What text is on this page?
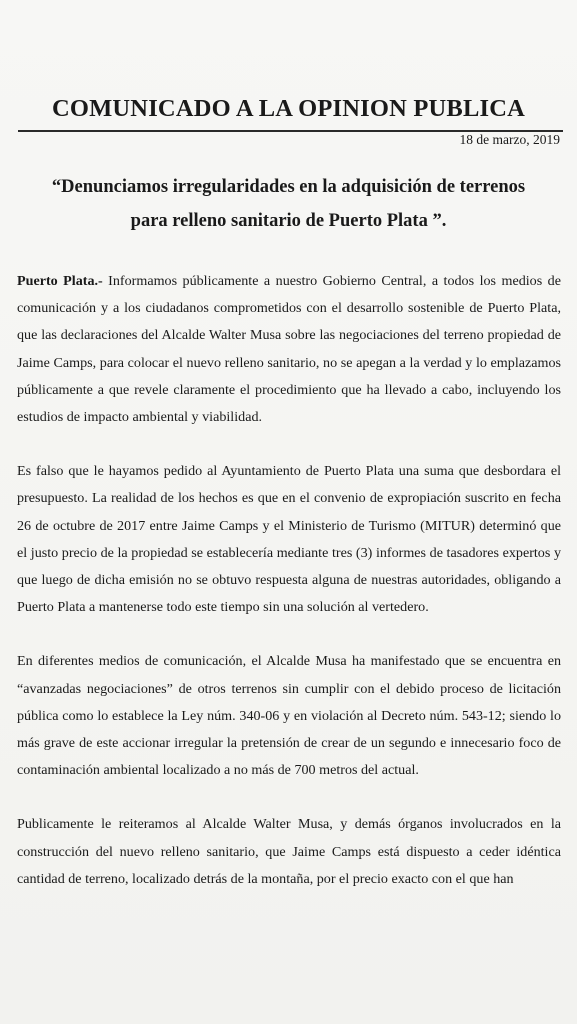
COMUNICADO A LA OPINION PUBLICA

18 de marzo, 2019

“Denunciamos irregularidades en la adquisición de terrenos
para relleno sanitario de Puerto Plata ”.

Puerto Plata.- Informamos públicamente a nuestro Gobierno Central, a todos los medios de comunicación y a los ciudadanos comprometidos con el desarrollo sostenible de Puerto Plata, que las declaraciones del Alcalde Walter Musa sobre las negociaciones del terreno propiedad de Jaime Camps, para colocar el nuevo relleno sanitario, no se apegan a la verdad y lo emplazamos públicamente a que revele claramente el procedimiento que ha llevado a cabo, incluyendo los estudios de impacto ambiental y viabilidad.

Es falso que le hayamos pedido al Ayuntamiento de Puerto Plata una suma que desbordara el presupuesto. La realidad de los hechos es que en el convenio de expropiación suscrito en fecha 26 de octubre de 2017 entre Jaime Camps y el Ministerio de Turismo (MITUR) determinó que el justo precio de la propiedad se establecería mediante tres (3) informes de tasadores expertos y que luego de dicha emisión no se obtuvo respuesta alguna de nuestras autoridades, obligando a Puerto Plata a mantenerse todo este tiempo sin una solución al vertedero.

En diferentes medios de comunicación, el Alcalde Musa ha manifestado que se encuentra en “avanzadas negociaciones” de otros terrenos sin cumplir con el debido proceso de licitación pública como lo establece la Ley núm. 340-06 y en violación al Decreto núm. 543-12; siendo lo más grave de este accionar irregular la pretensión de crear de un segundo e innecesario foco de contaminación ambiental localizado a no más de 700 metros del actual.

Publicamente le reiteramos al Alcalde Walter Musa, y demás órganos involucrados en la construcción del nuevo relleno sanitario, que Jaime Camps está dispuesto a ceder idéntica cantidad de terreno, localizado detrás de la montaña, por el precio exacto con el que han
